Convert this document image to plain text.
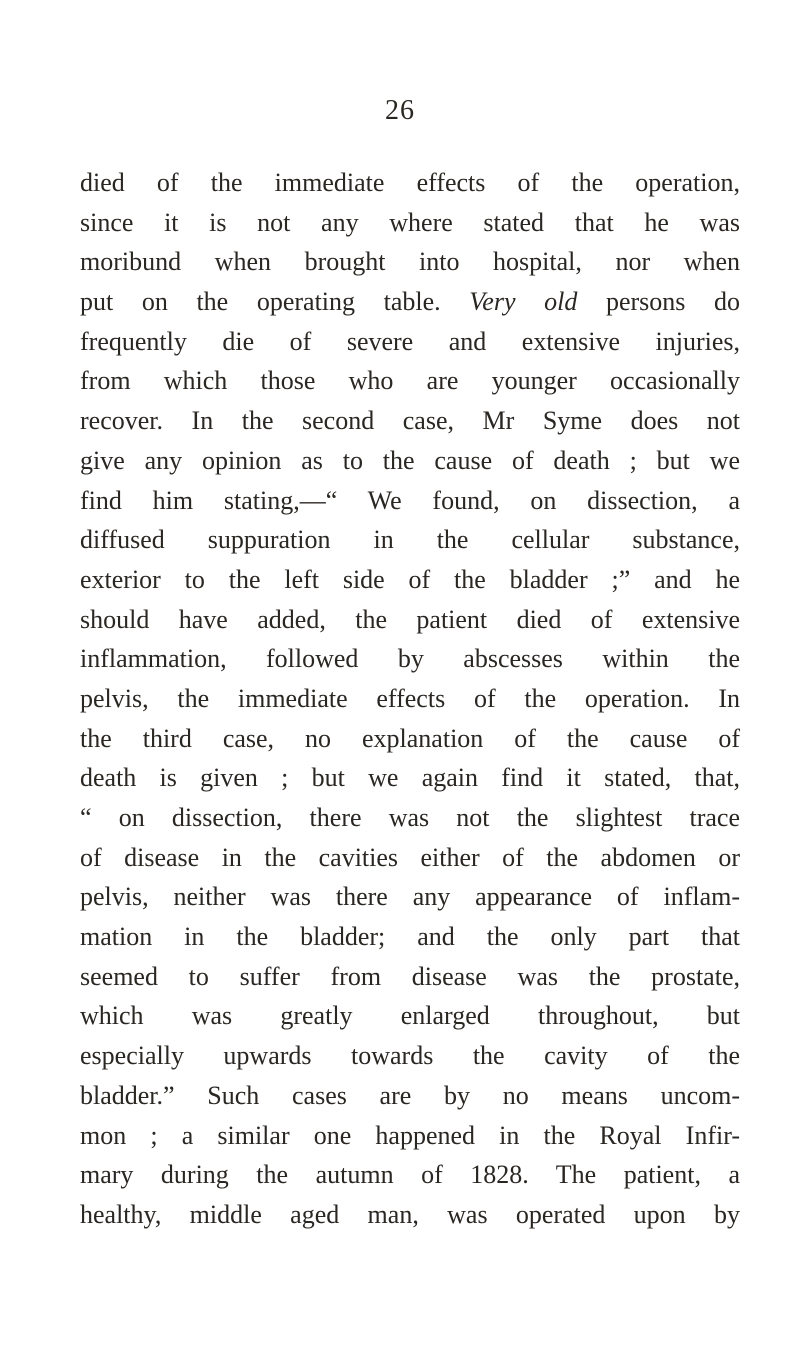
26
died of the immediate effects of the operation,
since it is not any where stated that he was
moribund when brought into hospital, nor when
put on the operating table. Very old persons do
frequently die of severe and extensive injuries,
from which those who are younger occasionally
recover. In the second case, Mr Syme does not
give any opinion as to the cause of death ; but we
find him stating,—“ We found, on dissection, a
diffused suppuration in the cellular substance,
exterior to the left side of the bladder ;” and he
should have added, the patient died of extensive
inflammation, followed by abscesses within the
pelvis, the immediate effects of the operation. In
the third case, no explanation of the cause of
death is given ; but we again find it stated, that,
“ on dissection, there was not the slightest trace
of disease in the cavities either of the abdomen or
pelvis, neither was there any appearance of inflam-
mation in the bladder; and the only part that
seemed to suffer from disease was the prostate,
which was greatly enlarged throughout, but
especially upwards towards the cavity of the
bladder.” Such cases are by no means uncom-
mon ; a similar one happened in the Royal Infir-
mary during the autumn of 1828. The patient, a
healthy, middle aged man, was operated upon by
